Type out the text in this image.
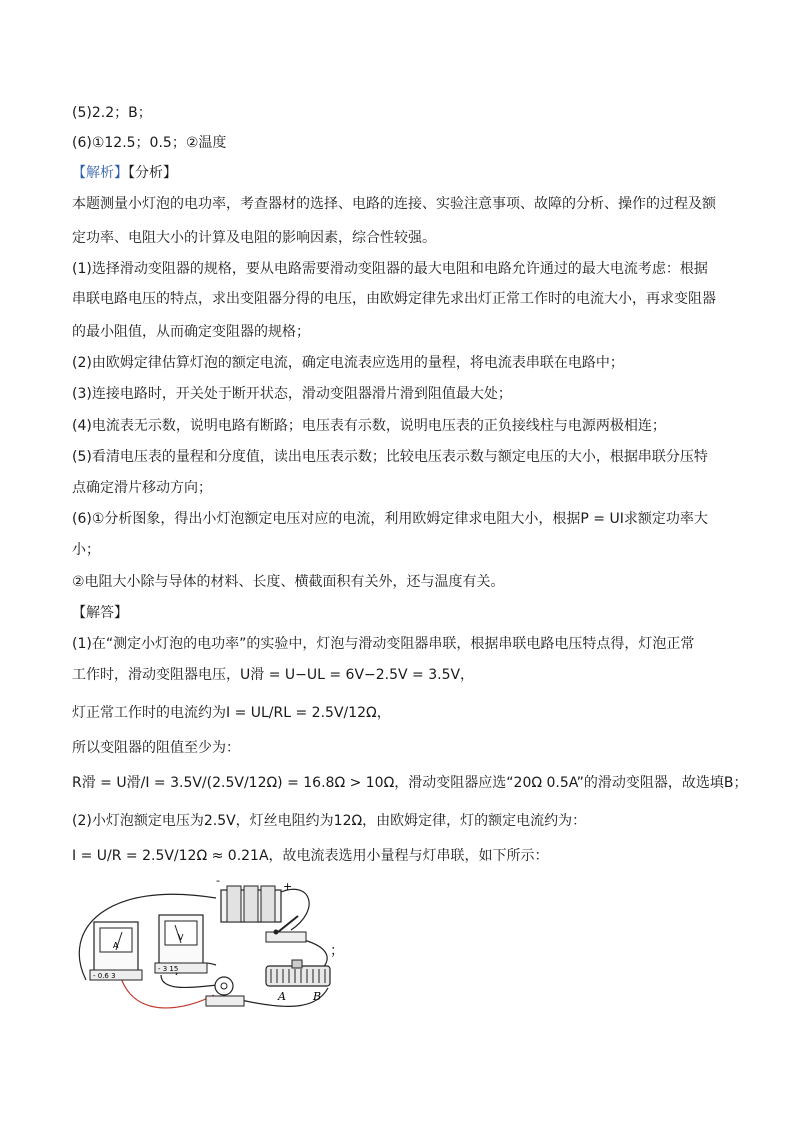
(5)2.2；B；
(6)①12.5；0.5；②温度
【解析】【分析】
本题测量小灯泡的电功率，考查器材的选择、电路的连接、实验注意事项、故障的分析、操作的过程及额
定功率、电阻大小的计算及电阻的影响因素，综合性较强。
(1)选择滑动变阻器的规格，要从电路需要滑动变阻器的最大电阻和电路允许通过的最大电流考虑：根据
串联电路电压的特点，求出变阻器分得的电压，由欧姆定律先求出灯正常工作时的电流大小，再求变阻器
的最小阻值，从而确定变阻器的规格；
(2)由欧姆定律估算灯泡的额定电流，确定电流表应选用的量程，将电流表串联在电路中；
(3)连接电路时，开关处于断开状态，滑动变阻器滑片滑到阻值最大处；
(4)电流表无示数，说明电路有断路；电压表有示数，说明电压表的正负接线柱与电源两极相连；
(5)看清电压表的量程和分度值，读出电压表示数；比较电压表示数与额定电压的大小，根据串联分压特
点确定滑片移动方向；
(6)①分析图象，得出小灯泡额定电压对应的电流，利用欧姆定律求电阻大小，根据P = UI求额定功率大
小；
②电阻大小除与导体的材料、长度、横截面积有关外，还与温度有关。
【解答】
(1)在“测定小灯泡的电功率”的实验中，灯泡与滑动变阻器串联，根据串联电路电压特点得，灯泡正常
工作时，滑动变阻器电压，U滑 = U−UL = 6V−2.5V = 3.5V，
灯正常工作时的电流约为I = UL/RL = 2.5V/12Ω，
所以变阻器的阻值至少为：
R滑 = U滑/I = 3.5V/(2.5V/12Ω) = 16.8Ω > 10Ω，滑动变阻器应选“20Ω 0.5A”的滑动变阻器，故选填B；
(2)小灯泡额定电压为2.5V，灯丝电阻约为12Ω，由欧姆定律，灯的额定电流约为：
I = U/R = 2.5V/12Ω ≈ 0.21A，故电流表选用小量程与灯串联，如下所示：
-	+
A
- 0.6 3
V
- 3 15
A B
；
